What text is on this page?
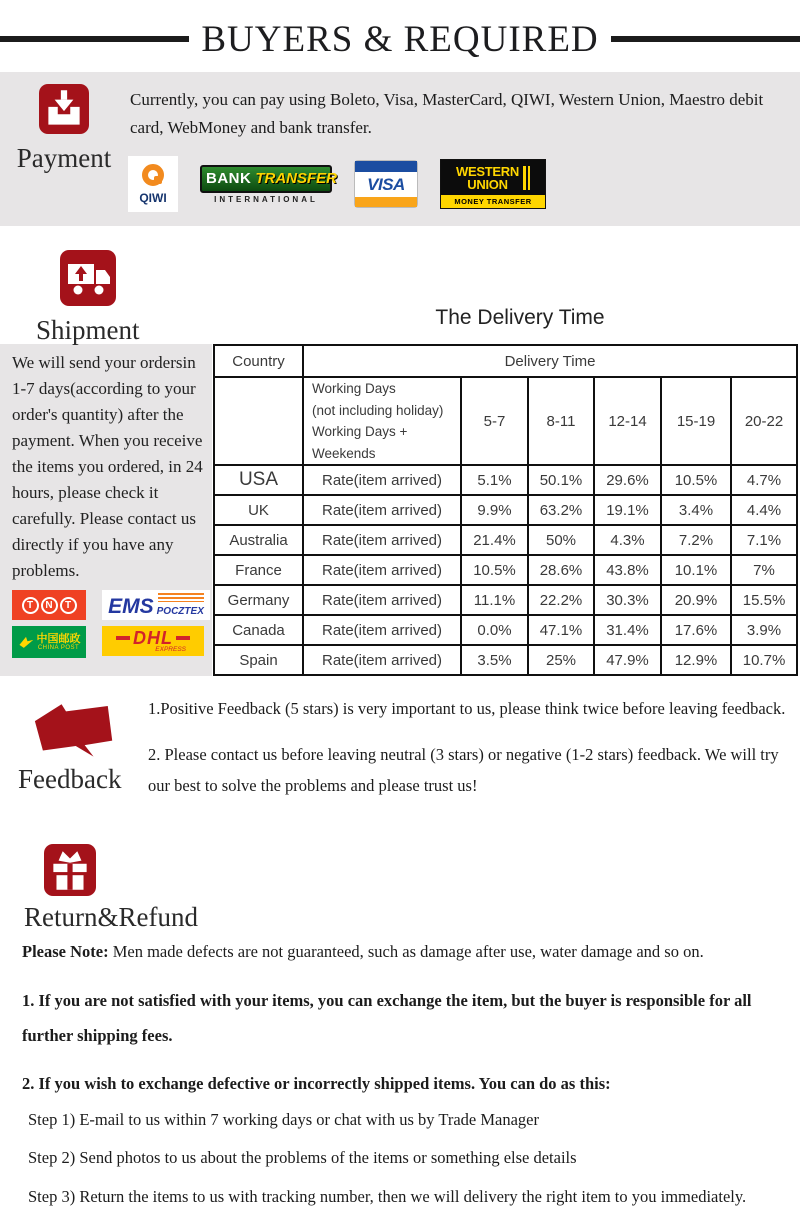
BUYERS & REQUIRED
Payment
Currently, you can pay using Boleto, Visa, MasterCard, QIWI, Western Union, Maestro debit card, WebMoney and bank transfer.
QIWI
BANK TRANSFER
INTERNATIONAL
VISA
WESTERN
UNION
MONEY TRANSFER
Shipment	The Delivery Time
We will send your ordersin 1-7 days(according to your order's quantity) after the payment. When you receive the items you ordered, in 24 hours, please check it carefully. Please contact us directly if you have any problems.
T	N	T EMS POCZTEX
中国邮政
CHINA POST
DHL
EXPRESS
Country	Delivery Time					

	Working Days
(not including holiday)
Working Days + Weekends	5-7	8-11	12-14	15-19	20-22
USA	Rate(item arrived)	5.1%	50.1%	29.6%	10.5%	4.7%
UK	Rate(item arrived)	9.9%	63.2%	19.1%	3.4%	4.4%
Australia	Rate(item arrived)	21.4%	50%	4.3%	7.2%	7.1%
France	Rate(item arrived)	10.5%	28.6%	43.8%	10.1%	7%
Germany	Rate(item arrived)	11.1%	22.2%	30.3%	20.9%	15.5%
Canada	Rate(item arrived)	0.0%	47.1%	31.4%	17.6%	3.9%
Spain	Rate(item arrived)	3.5%	25%	47.9%	12.9%	10.7%
Feedback
1.Positive Feedback (5 stars) is very important to us, please think twice before leaving feedback.
2. Please contact us before leaving neutral (3 stars) or negative (1-2 stars) feedback. We will try our best to solve the problems and please trust us!
Return&Refund
Please Note: Men made defects are not guaranteed, such as damage after use, water damage and so on.
1. If you are not satisfied with your items, you can exchange the item, but the buyer is responsible for all further shipping fees.
2. If you wish to exchange defective or incorrectly shipped items. You can do as this:
Step 1) E-mail to us within 7 working days or chat with us by Trade Manager
Step 2) Send photos to us about the problems of the items or something else details
Step 3) Return the items to us with tracking number, then we will delivery the right item to you immediately.
